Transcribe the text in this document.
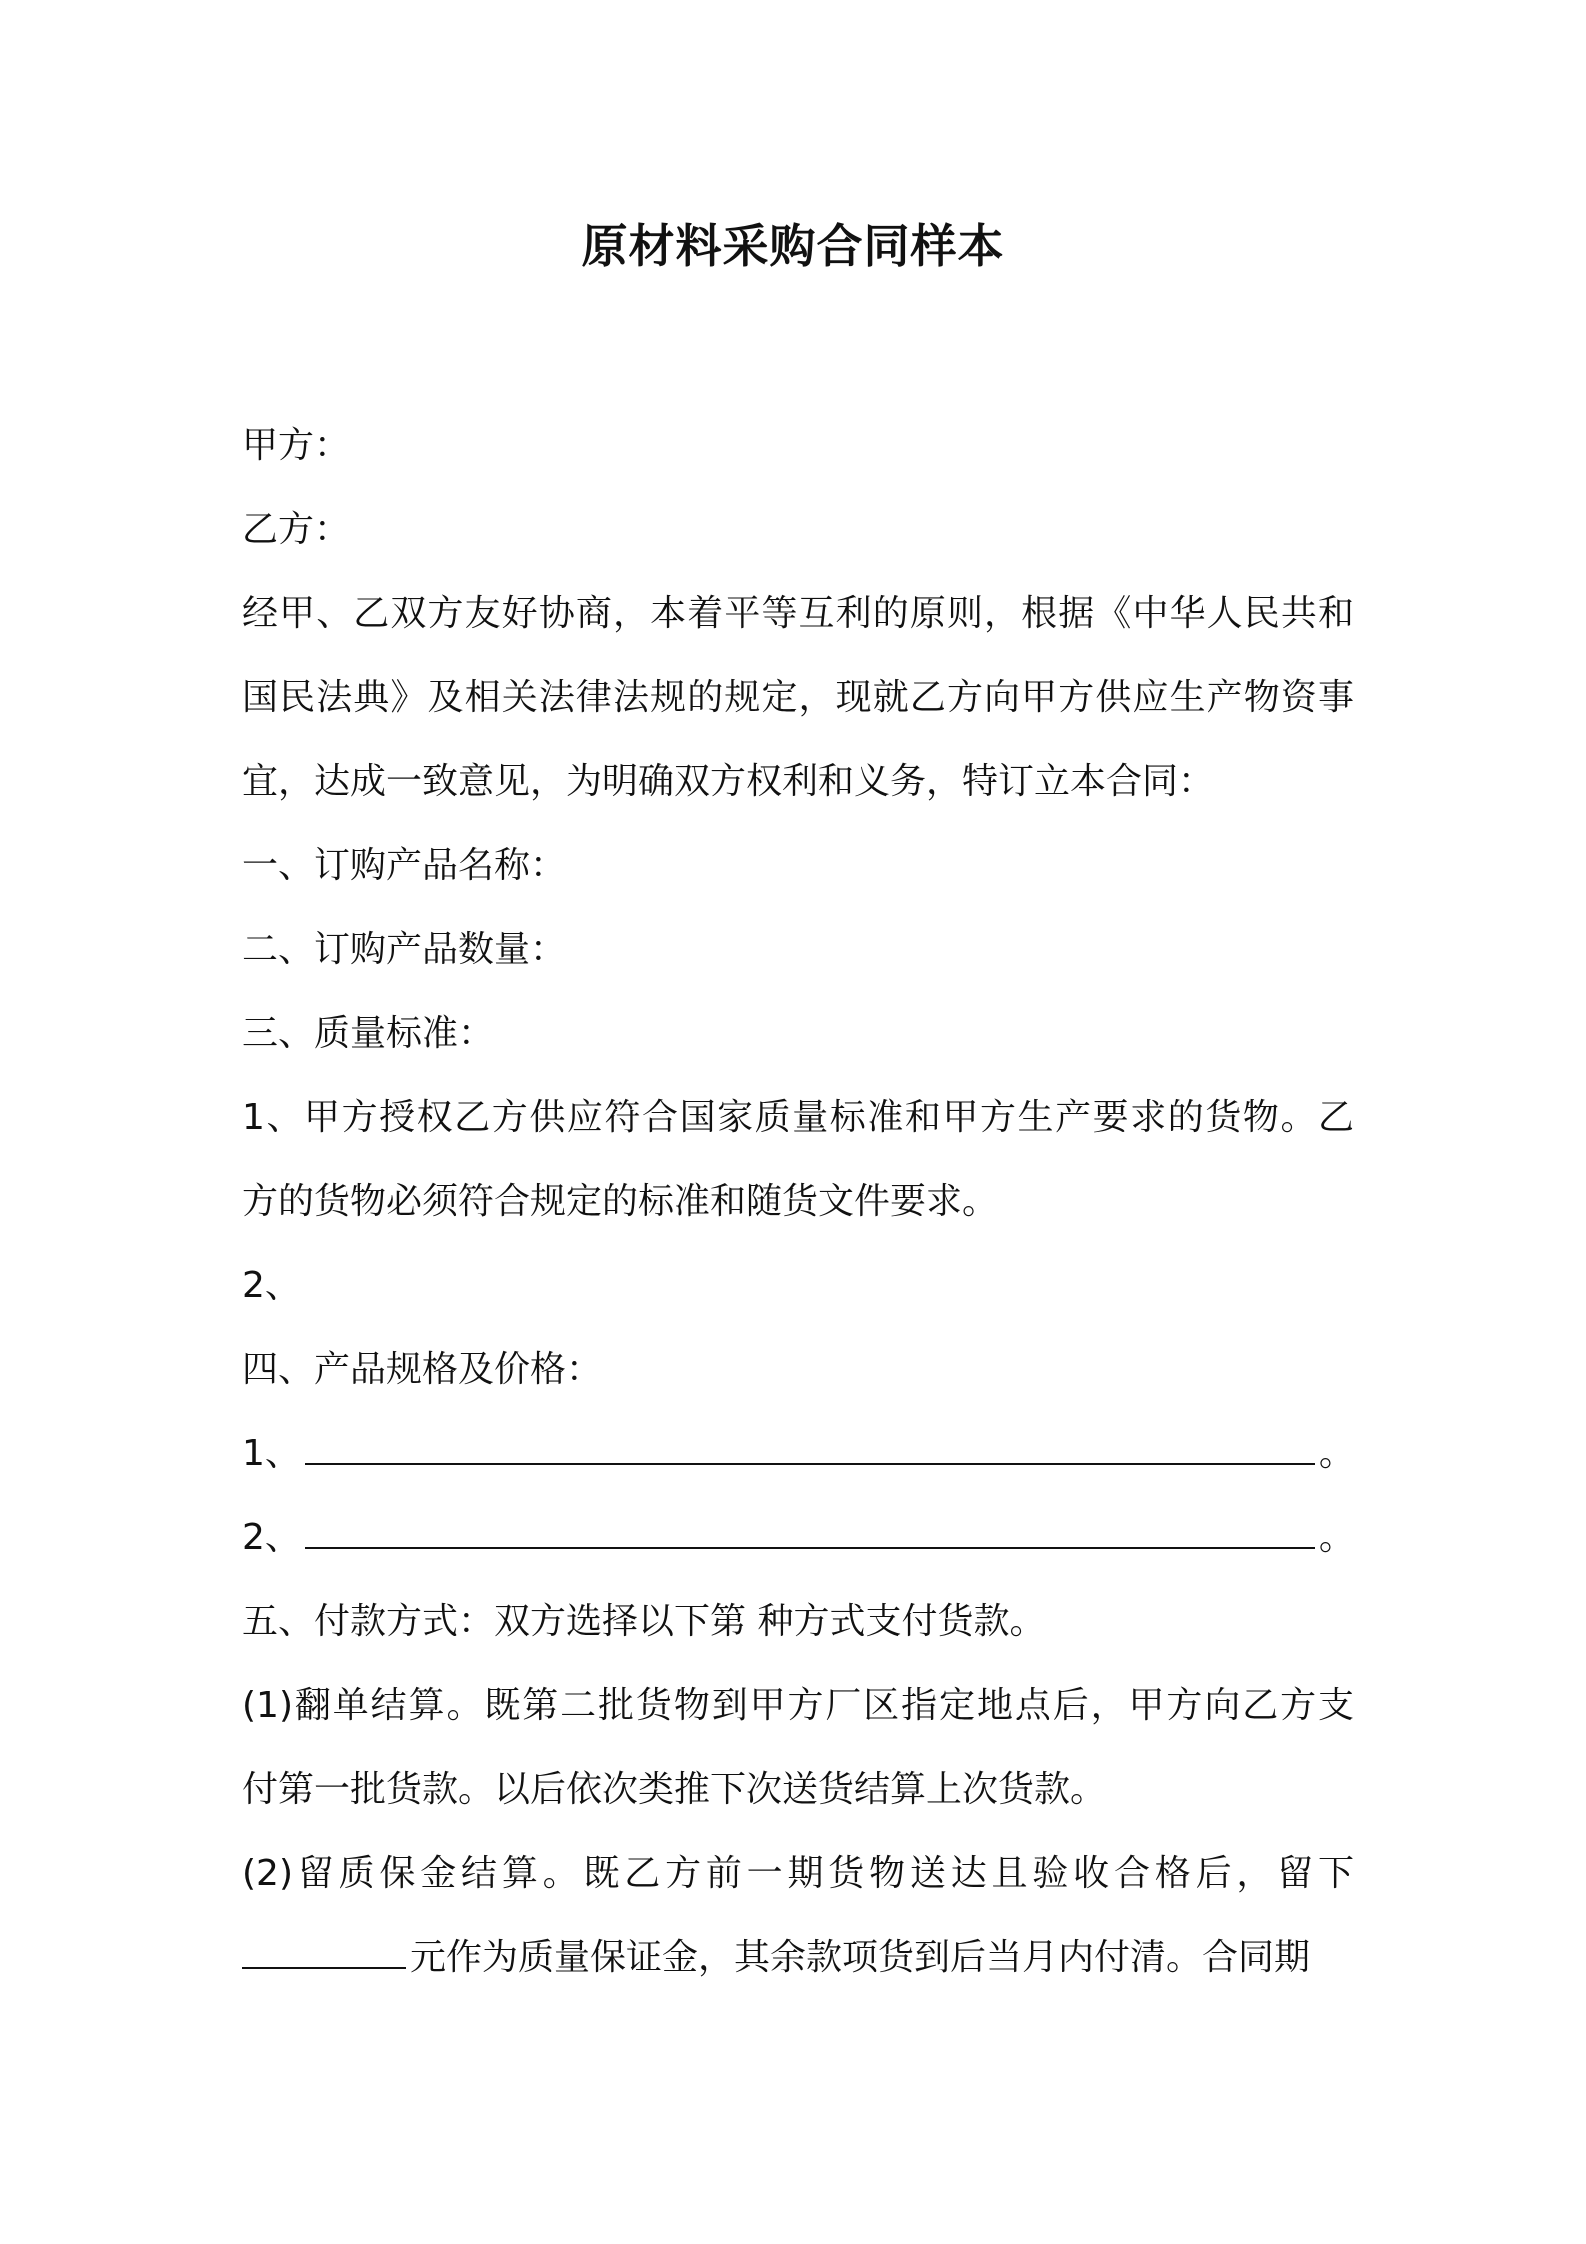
原材料采购合同样本
甲方：
乙方：
经甲、乙双方友好协商，本着平等互利的原则，根据《中华人民共和
国民法典》及相关法律法规的规定，现就乙方向甲方供应生产物资事
宜，达成一致意见，为明确双方权利和义务，特订立本合同：
一、订购产品名称：
二、订购产品数量：
三、质量标准：
1、甲方授权乙方供应符合国家质量标准和甲方生产要求的货物。乙
方的货物必须符合规定的标准和随货文件要求。
2、
四、产品规格及价格：
1、	。
2、	。
五、付款方式：双方选择以下第 种方式支付货款。
(1)翻单结算。既第二批货物到甲方厂区指定地点后，甲方向乙方支
付第一批货款。以后依次类推下次送货结算上次货款。
(2)留质保金结算。既乙方前一期货物送达且验收合格后，留下
元作为质量保证金，其余款项货到后当月内付清。合同期
